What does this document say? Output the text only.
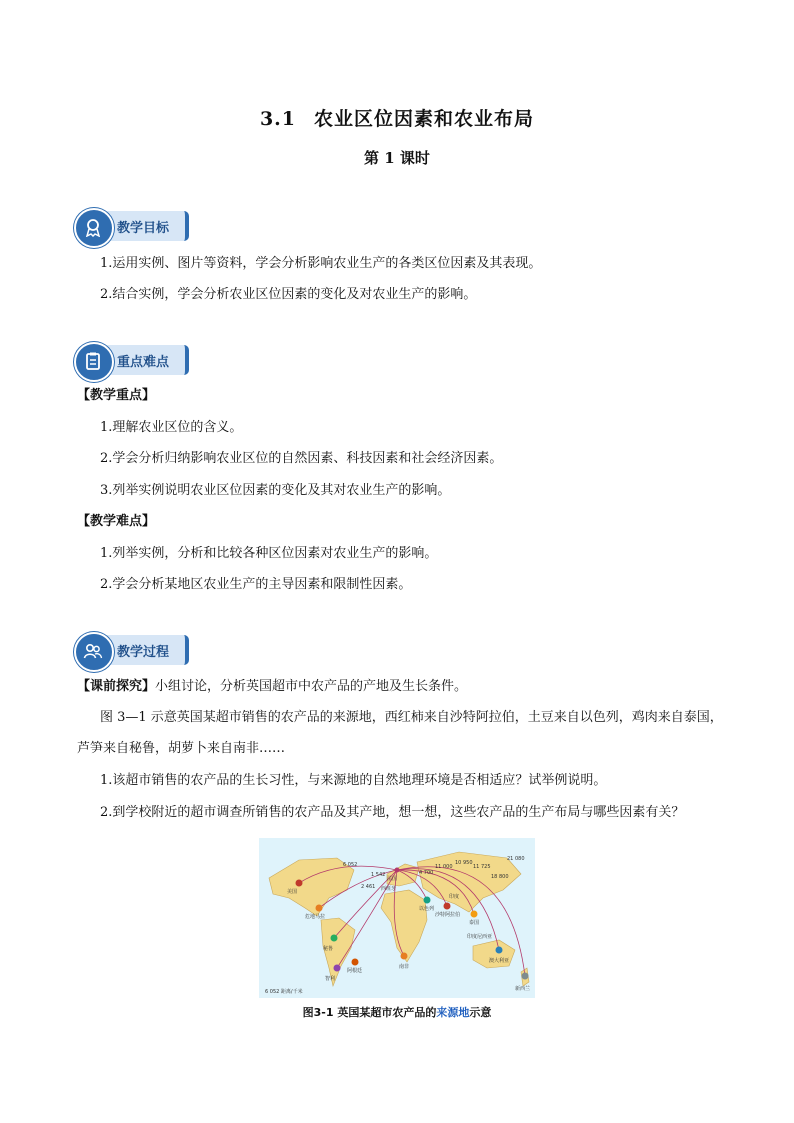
3.1 农业区位因素和农业布局
第 1 课时
教学目标
1.运用实例、图片等资料，学会分析影响农业生产的各类区位因素及其表现。
2.结合实例，学会分析农业区位因素的变化及对农业生产的影响。
重点难点
【教学重点】
1.理解农业区位的含义。
2.学会分析归纳影响农业区位的自然因素、科技因素和社会经济因素。
3.列举实例说明农业区位因素的变化及其对农业生产的影响。
【教学难点】
1.列举实例，分析和比较各种区位因素对农业生产的影响。
2.学会分析某地区农业生产的主导因素和限制性因素。
教学过程
【课前探究】小组讨论，分析英国超市中农产品的产地及生长条件。
图 3—1 示意英国某超市销售的农产品的来源地，西红柿来自沙特阿拉伯，土豆来自以色列，鸡肉来自泰国，芦笋来自秘鲁，胡萝卜来自南非……
1.该超市销售的农产品的生长习性，与来源地的自然地理环境是否相适应？试举例说明。
2.到学校附近的超市调查所销售的农产品及其产地，想一想，这些农产品的生产布局与哪些因素有关？
美国
危地马拉
秘鲁
智利
阿根廷
南非
以色列
沙特阿拉伯
泰国
新西兰
澳大利亚
印度尼西亚
西班牙
法国
印度
6 052
2 461
1 542	4 700
11 000
10 950
11 725
18 800
21 080
6 052 距离/千米
图3-1 英国某超市农产品的来源地示意
